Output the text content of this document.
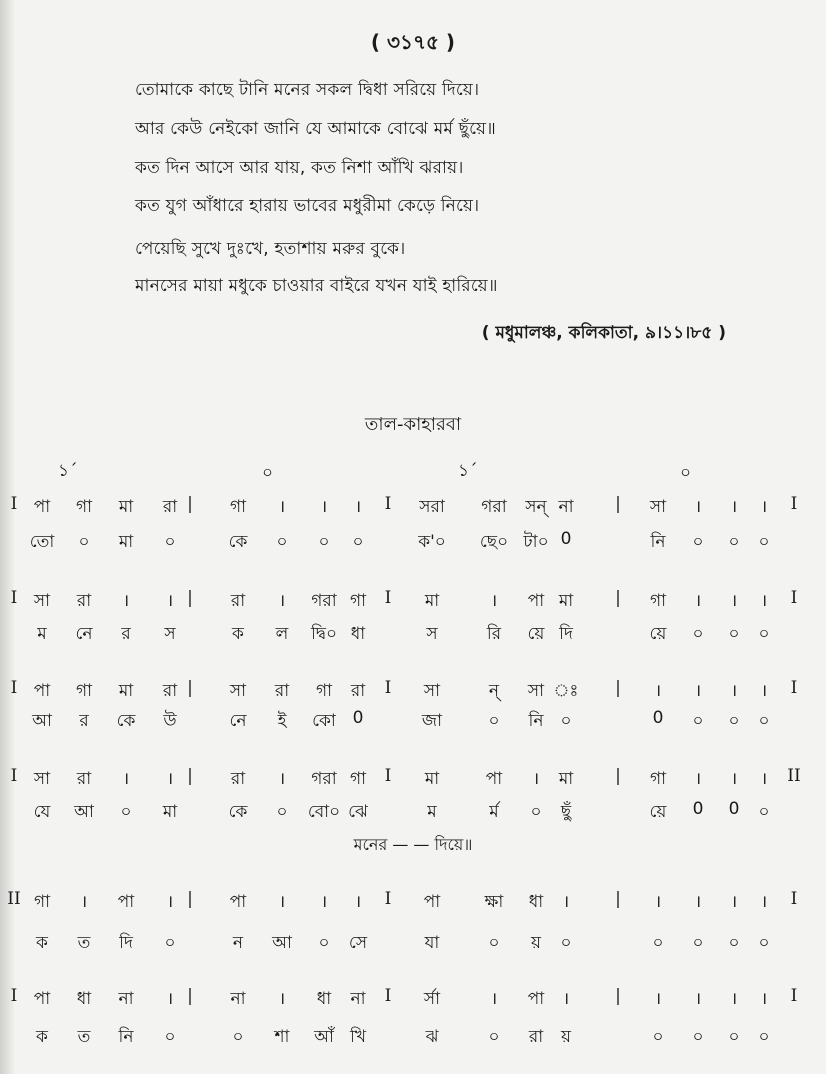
( ৩১৭৫ )
তোমাকে কাছে টানি মনের সকল দ্বিধা সরিয়ে দিয়ে।
আর কেউ নেইকো জানি যে আমাকে বোঝে মর্ম ছুঁয়ে॥
কত দিন আসে আর যায়, কত নিশা আঁখি ঝরায়।
কত যুগ আঁধারে হারায় ভাবের মধুরীমা কেড়ে নিয়ে।
পেয়েছি সুখে দুঃখে, হতাশায় মরুর বুকে।
মানসের মায়া মধুকে চাওয়ার বাইরে যখন যাই হারিয়ে॥
( মধুমালঞ্চ, কলিকাতা, ৯।১১।৮৫ )
তাল-কাহারবা
১´	০	১´	০
I পা গা মা রা | গা । । । I সরা গরা সন্ না | সা । । । I
তো ০ মা ০	কে ০ ০ ০	ক'০ ছে০ টা০ 0	নি ০ ০ ০
I সা রা । । | রা । গরা গা I মা	। পা মা | গা । । । I
ম নে র স	ক ল দ্বি০ ধা	স	রি য়ে দি	য়ে ০ ০ ০
I পা গা মা রা | সা রা গা রা I সা	ন্ সা ঃ | । । । । I
আ র কে উ	নে ই কো 0	জা	০ নি ০	0 ০ ০ ০
I সা রা । । | রা । গরা গা I মা	পা । মা | গা । । । II
যে আ ০ মা	কে ০ বো০ ঝে	ম	র্ম ০ ছুঁ	য়ে 0 0 ০
II গা । পা । | পা । । । I পা	ক্ষা ধা ।	| । । । । I
ক ত দি ০	ন আ ০ সে	যা	০ য় ০	০ ০ ০ ০
I পা ধা না । | না । ধা না I র্সা	। পা ।	| । । । । I
ক ত নি ০	০ শা আঁ খি	ঝ	০ রা য়	০ ০ ০ ০
মনের — — দিয়ে॥
